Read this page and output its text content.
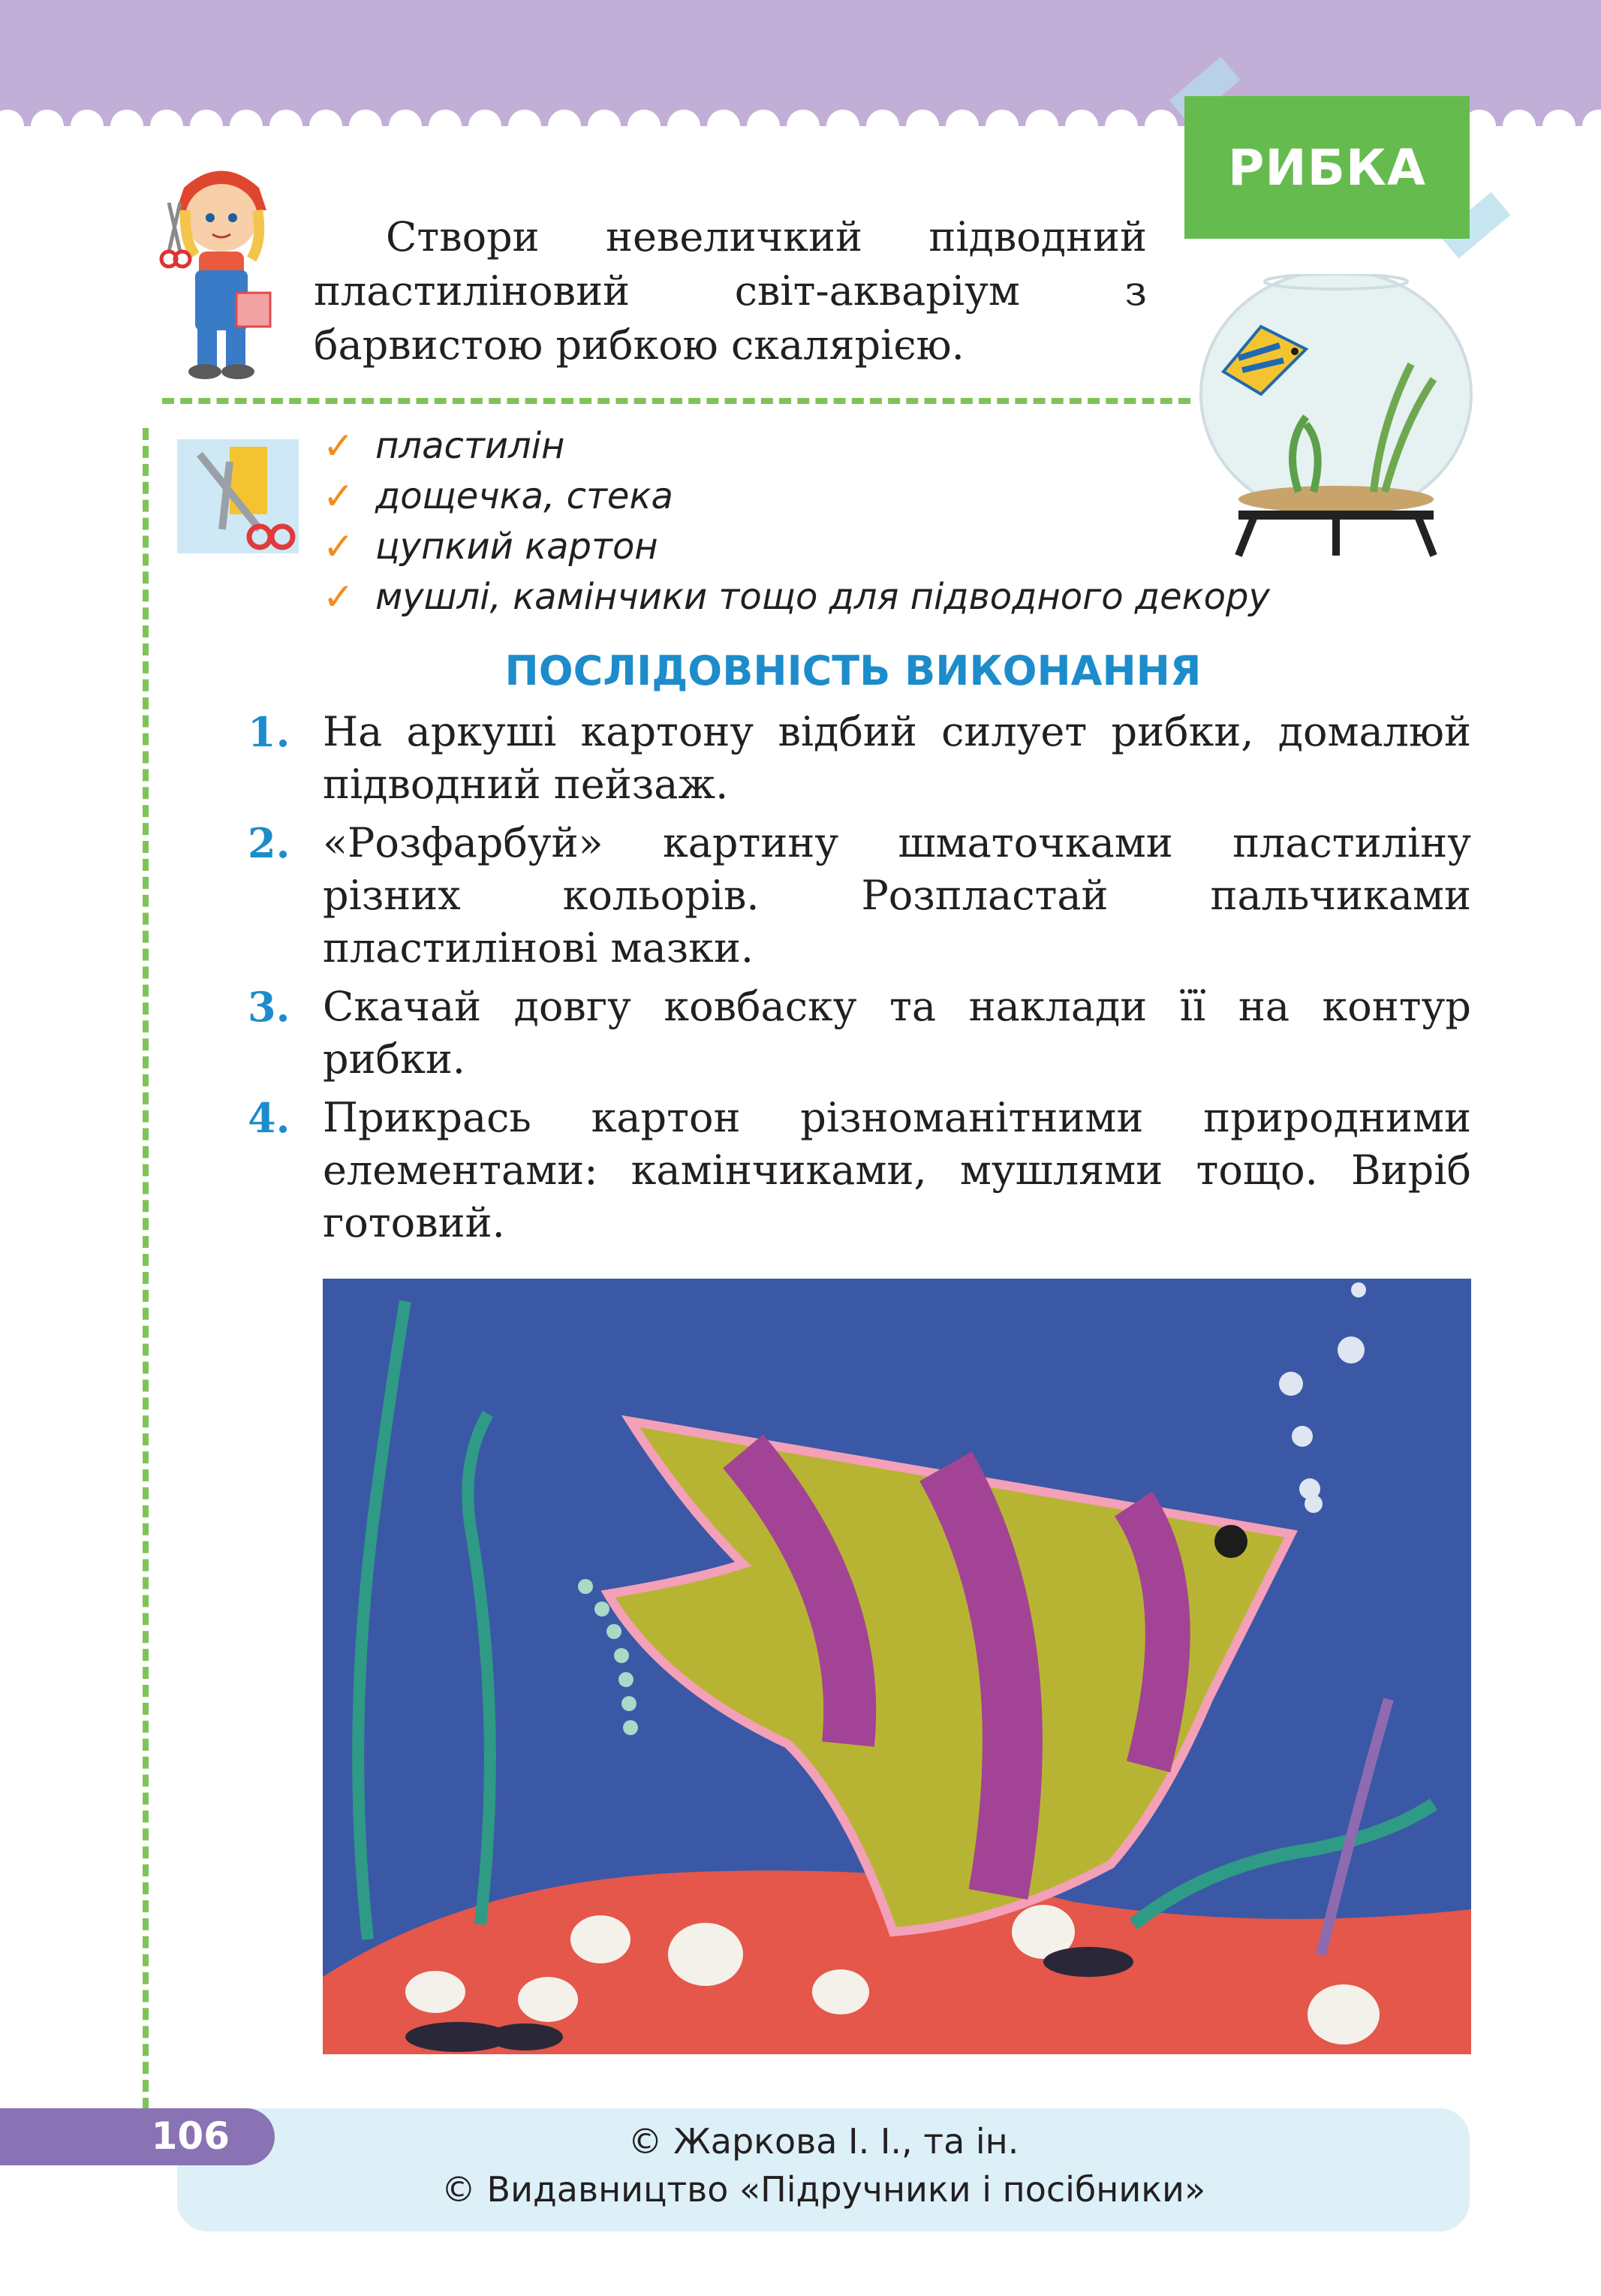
РИБКА

Створи невеличкий підводний пластиліновий світ-акваріум з барвистою рибкою скалярією.

✓ пластилін
✓ дощечка, стека
✓ цупкий картон
✓ мушлі, камінчики тощо для підводного декору
ПОСЛІДОВНІСТЬ ВИКОНАННЯ
1. На аркуші картону відбий силует рибки, домалюй підводний пейзаж.
2. «Розфарбуй» картину шматочками пластиліну різних кольорів. Розпластай пальчиками пластилінові мазки.
3. Скачай довгу ковбаску та наклади її на контур рибки.
4. Прикрась картон різноманітними природними елементами: камінчиками, мушлями тощо. Виріб готовий.
© Жаркова І. І., та ін.
© Видавництво «Підручники і посібники»
106
